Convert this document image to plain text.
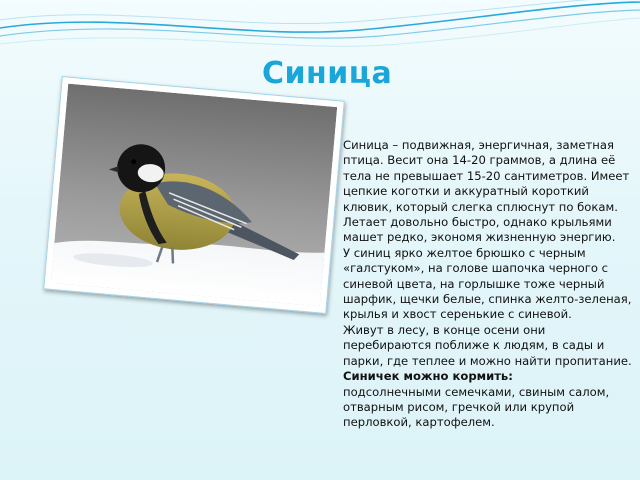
Синица

Синица – подвижная, энергичная, заметная птица. Весит она 14-20 граммов, а длина её тела не превышает 15-20 сантиметров. Имеет цепкие коготки и аккуратный короткий клювик, который слегка сплюснут по бокам. Летает довольно быстро, однако крыльями машет редко, экономя жизненную энергию.

У синиц ярко желтое брюшко с черным «галстуком», на голове шапочка черного с синевой цвета, на горлышке тоже черный шарфик, щечки белые, спинка желто-зеленая, крылья и хвост серенькие с синевой.

Живут в лесу, в конце осени они перебираются поближе к людям, в сады и парки, где теплее и можно найти пропитание.

Синичек можно кормить:

подсолнечными семечками, свиным салом, отварным рисом, гречкой или крупой перловкой, картофелем.
